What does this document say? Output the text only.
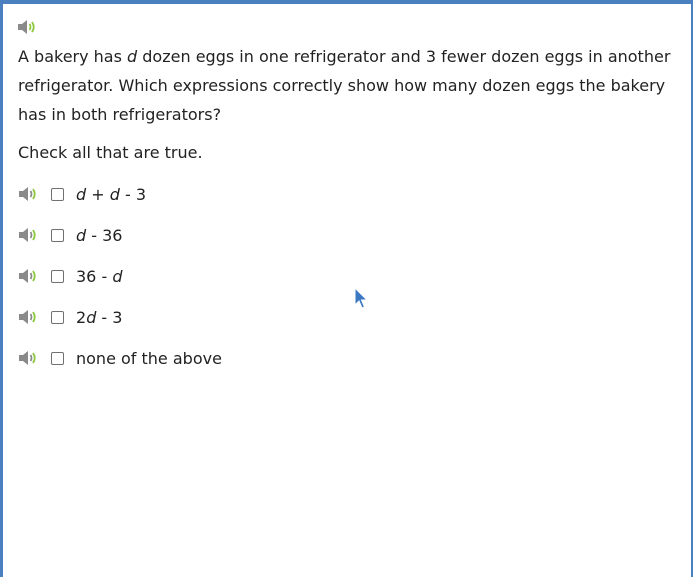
A bakery has d dozen eggs in one refrigerator and 3 fewer dozen eggs in another refrigerator. Which expressions correctly show how many dozen eggs the bakery has in both refrigerators?
Check all that are true.
d + d - 3
d - 36
36 - d
2d - 3
none of the above
